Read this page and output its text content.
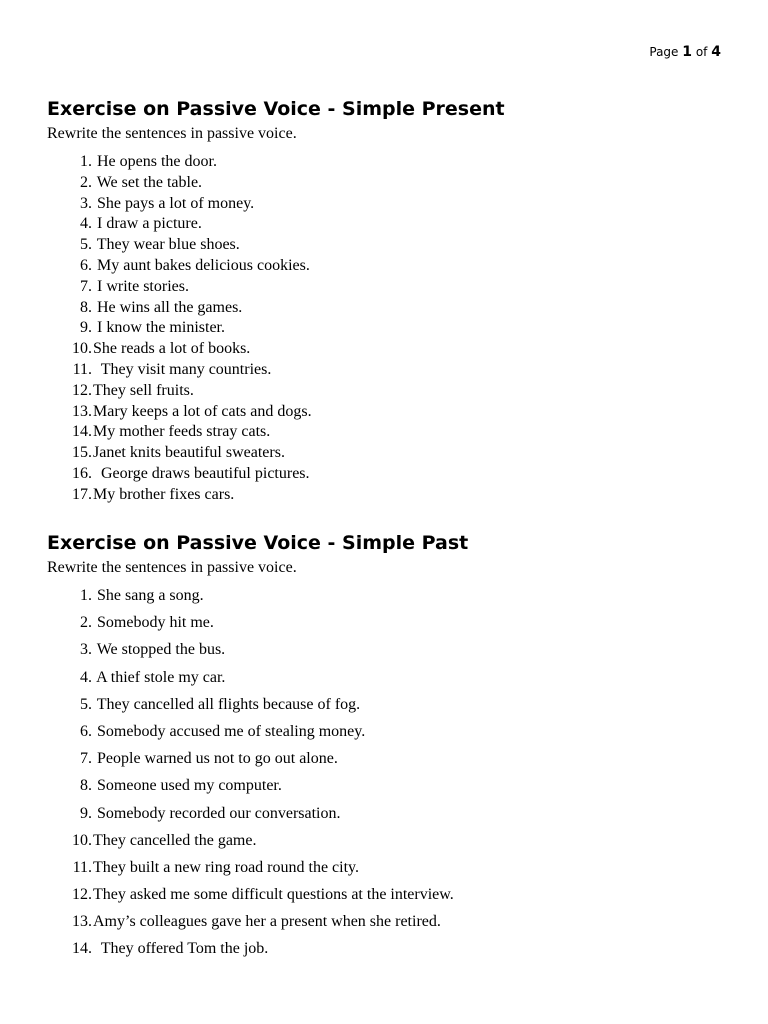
Page 1 of 4
Exercise on Passive Voice - Simple Present

Rewrite the sentences in passive voice.

1. He opens the door.
2. We set the table.
3. She pays a lot of money.
4. I draw a picture.
5. They wear blue shoes.
6. My aunt bakes delicious cookies.
7. I write stories.
8. He wins all the games.
9. I know the minister.
10. She reads a lot of books.
11. They visit many countries.
12. They sell fruits.
13. Mary keeps a lot of cats and dogs.
14. My mother feeds stray cats.
15. Janet knits beautiful sweaters.
16. George draws beautiful pictures.
17. My brother fixes cars.
Exercise on Passive Voice - Simple Past

Rewrite the sentences in passive voice.

1. She sang a song.
2. Somebody hit me.
3. We stopped the bus.
4. A thief stole my car.
5. They cancelled all flights because of fog.
6. Somebody accused me of stealing money.
7. People warned us not to go out alone.
8. Someone used my computer.
9. Somebody recorded our conversation.
10. They cancelled the game.
11. They built a new ring road round the city.
12. They asked me some difficult questions at the interview.
13. Amy’s colleagues gave her a present when she retired.
14. They offered Tom the job.
